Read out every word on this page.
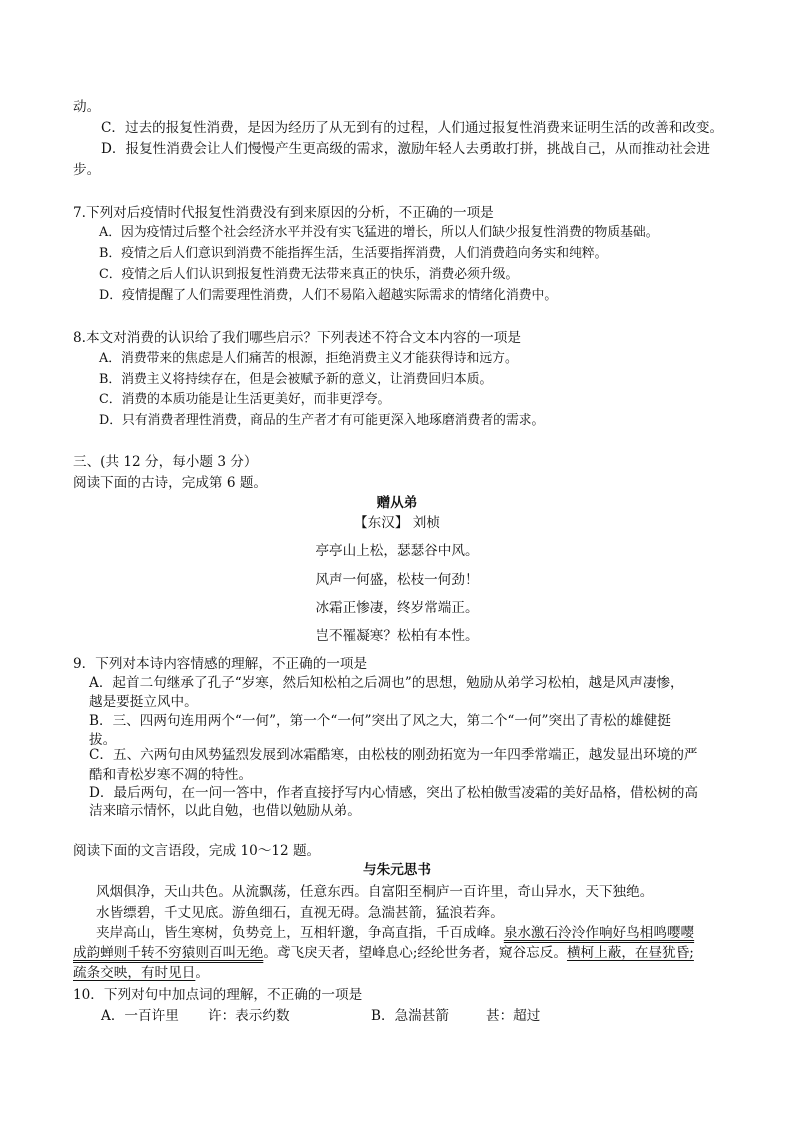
动。
C．过去的报复性消费，是因为经历了从无到有的过程，人们通过报复性消费来证明生活的改善和改变。
D．报复性消费会让人们慢慢产生更高级的需求，激励年轻人去勇敢打拼，挑战自己，从而推动社会进
步。
7.下列对后疫情时代报复性消费没有到来原因的分析，不正确的一项是
A．因为疫情过后整个社会经济水平并没有实飞猛进的增长，所以人们缺少报复性消费的物质基础。
B．疫情之后人们意识到消费不能指挥生活，生活要指挥消费，人们消费趋向务实和纯粹。
C．疫情之后人们认识到报复性消费无法带来真正的快乐，消费必须升级。
D．疫情提醒了人们需要理性消费，人们不易陷入超越实际需求的情绪化消费中。
8.本文对消费的认识给了我们哪些启示？下列表述不符合文本内容的一项是
A．消费带来的焦虑是人们痛苦的根源，拒绝消费主义才能获得诗和远方。
B．消费主义将持续存在，但是会被赋予新的意义，让消费回归本质。
C．消费的本质功能是让生活更美好，而非更浮夸。
D．只有消费者理性消费，商品的生产者才有可能更深入地琢磨消费者的需求。
三、(共 12 分，每小题 3 分）
阅读下面的古诗，完成第 6 题。
赠从弟
【东汉】 刘桢
亭亭山上松，瑟瑟谷中风。
风声一何盛，松枝一何劲！
冰霜正惨凄，终岁常端正。
岂不罹凝寒？松柏有本性。
9．下列对本诗内容情感的理解，不正确的一项是
A．起首二句继承了孔子“岁寒，然后知松柏之后凋也”的思想，勉励从弟学习松柏，越是风声凄惨，
越是要挺立风中。
B．三、四两句连用两个“一何”，第一个“一何”突出了风之大，第二个“一何”突出了青松的雄健挺
拔。
C．五、六两句由风势猛烈发展到冰霜酷寒，由松枝的刚劲拓宽为一年四季常端正，越发显出环境的严
酷和青松岁寒不凋的特性。
D．最后两句，在一问一答中，作者直接抒写内心情感，突出了松柏傲雪凌霜的美好品格，借松树的高
洁来暗示情怀，以此自勉，也借以勉励从弟。
阅读下面的文言语段，完成 10～12 题。
与朱元思书
风烟俱净，天山共色。从流飘荡，任意东西。自富阳至桐庐一百许里，奇山异水，天下独绝。
水皆缥碧，千丈见底。游鱼细石，直视无碍。急湍甚箭，猛浪若奔。
夹岸高山，皆生寒树，负势竞上，互相轩邈，争高直指，千百成峰。泉水激石泠泠作响好鸟相鸣嘤嘤
成韵蝉则千转不穷猿则百叫无绝。鸢飞戾天者，望峰息心;经纶世务者，窥谷忘反。横柯上蔽，在昼犹昏;
疏条交映，有时见日。
10．下列对句中加点词的理解，不正确的一项是
A．一百许里 许：表示约数	B．急湍甚箭	甚：超过
